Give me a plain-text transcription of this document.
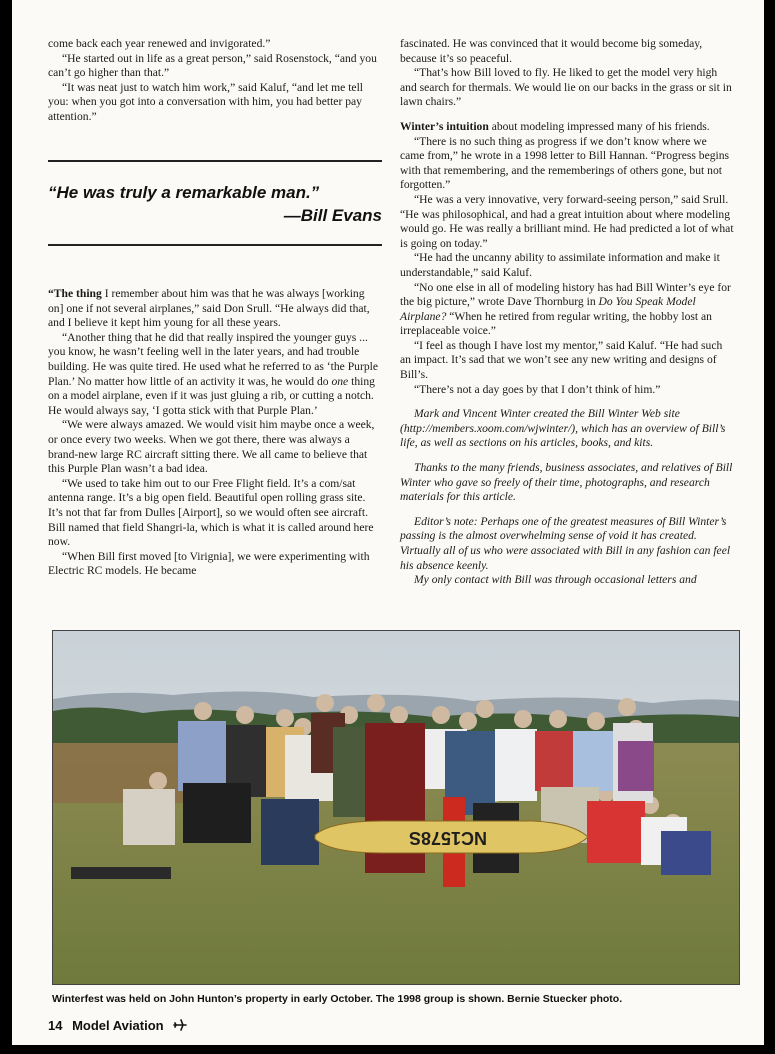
come back each year renewed and invigorated.”

“He started out in life as a great person,” said Rosenstock, “and you can’t go higher than that.”

“It was neat just to watch him work,” said Kaluf, “and let me tell you: when you got into a conversation with him, you had better pay attention.”

“He was truly a remarkable man.”
—Bill Evans

“The thing I remember about him was that he was always [working on] one if not several airplanes,” said Don Srull. “He always did that, and I believe it kept him young for all these years.

“Another thing that he did that really inspired the younger guys ... you know, he wasn’t feeling well in the later years, and had trouble building. He was quite tired. He used what he referred to as ‘the Purple Plan.’ No matter how little of an activity it was, he would do one thing on a model airplane, even if it was just gluing a rib, or cutting a notch. He would always say, ‘I gotta stick with that Purple Plan.’

“We were always amazed. We would visit him maybe once a week, or once every two weeks. When we got there, there was always a brand-new large RC aircraft sitting there. We all came to believe that this Purple Plan wasn’t a bad idea.

“We used to take him out to our Free Flight field. It’s a com/sat antenna range. It’s a big open field. Beautiful open rolling grass site. It’s not that far from Dulles [Airport], so we would often see aircraft. Bill named that field Shangri-la, which is what it is called around here now.

“When Bill first moved [to Virignia], we were experimenting with Electric RC models. He became

fascinated. He was convinced that it would become big someday, because it’s so peaceful.

“That’s how Bill loved to fly. He liked to get the model very high and search for thermals. We would lie on our backs in the grass or sit in lawn chairs.”

Winter’s intuition about modeling impressed many of his friends.

“There is no such thing as progress if we don’t know where we came from,” he wrote in a 1998 letter to Bill Hannan. “Progress begins with that remembering, and the rememberings of others gone, but not forgotten.”

“He was a very innovative, very forward-seeing person,” said Srull. “He was philosophical, and had a great intuition about where modeling would go. He was really a brilliant mind. He had predicted a lot of what is going on today.”

“He had the uncanny ability to assimilate information and make it understandable,” said Kaluf.

“No one else in all of modeling history has had Bill Winter’s eye for the big picture,” wrote Dave Thornburg in Do You Speak Model Airplane? “When he retired from regular writing, the hobby lost an irreplaceable voice.”

“I feel as though I have lost my mentor,” said Kaluf. “He had such an impact. It’s sad that we won’t see any new writing and designs of Bill’s.

“There’s not a day goes by that I don’t think of him.”

Mark and Vincent Winter created the Bill Winter Web site (http://members.xoom.com/wjwinter/), which has an overview of Bill’s life, as well as sections on his articles, books, and kits.

Thanks to the many friends, business associates, and relatives of Bill Winter who gave so freely of their time, photographs, and research materials for this article.

Editor’s note: Perhaps one of the greatest measures of Bill Winter’s passing is the almost overwhelming sense of void it has created. Virtually all of us who were associated with Bill in any fashion can feel his absence keenly.

My only contact with Bill was through occasional letters and

NC1578S
Winterfest was held on John Hunton’s property in early October. The 1998 group is shown. Bernie Stuecker photo.
14 Model Aviation
